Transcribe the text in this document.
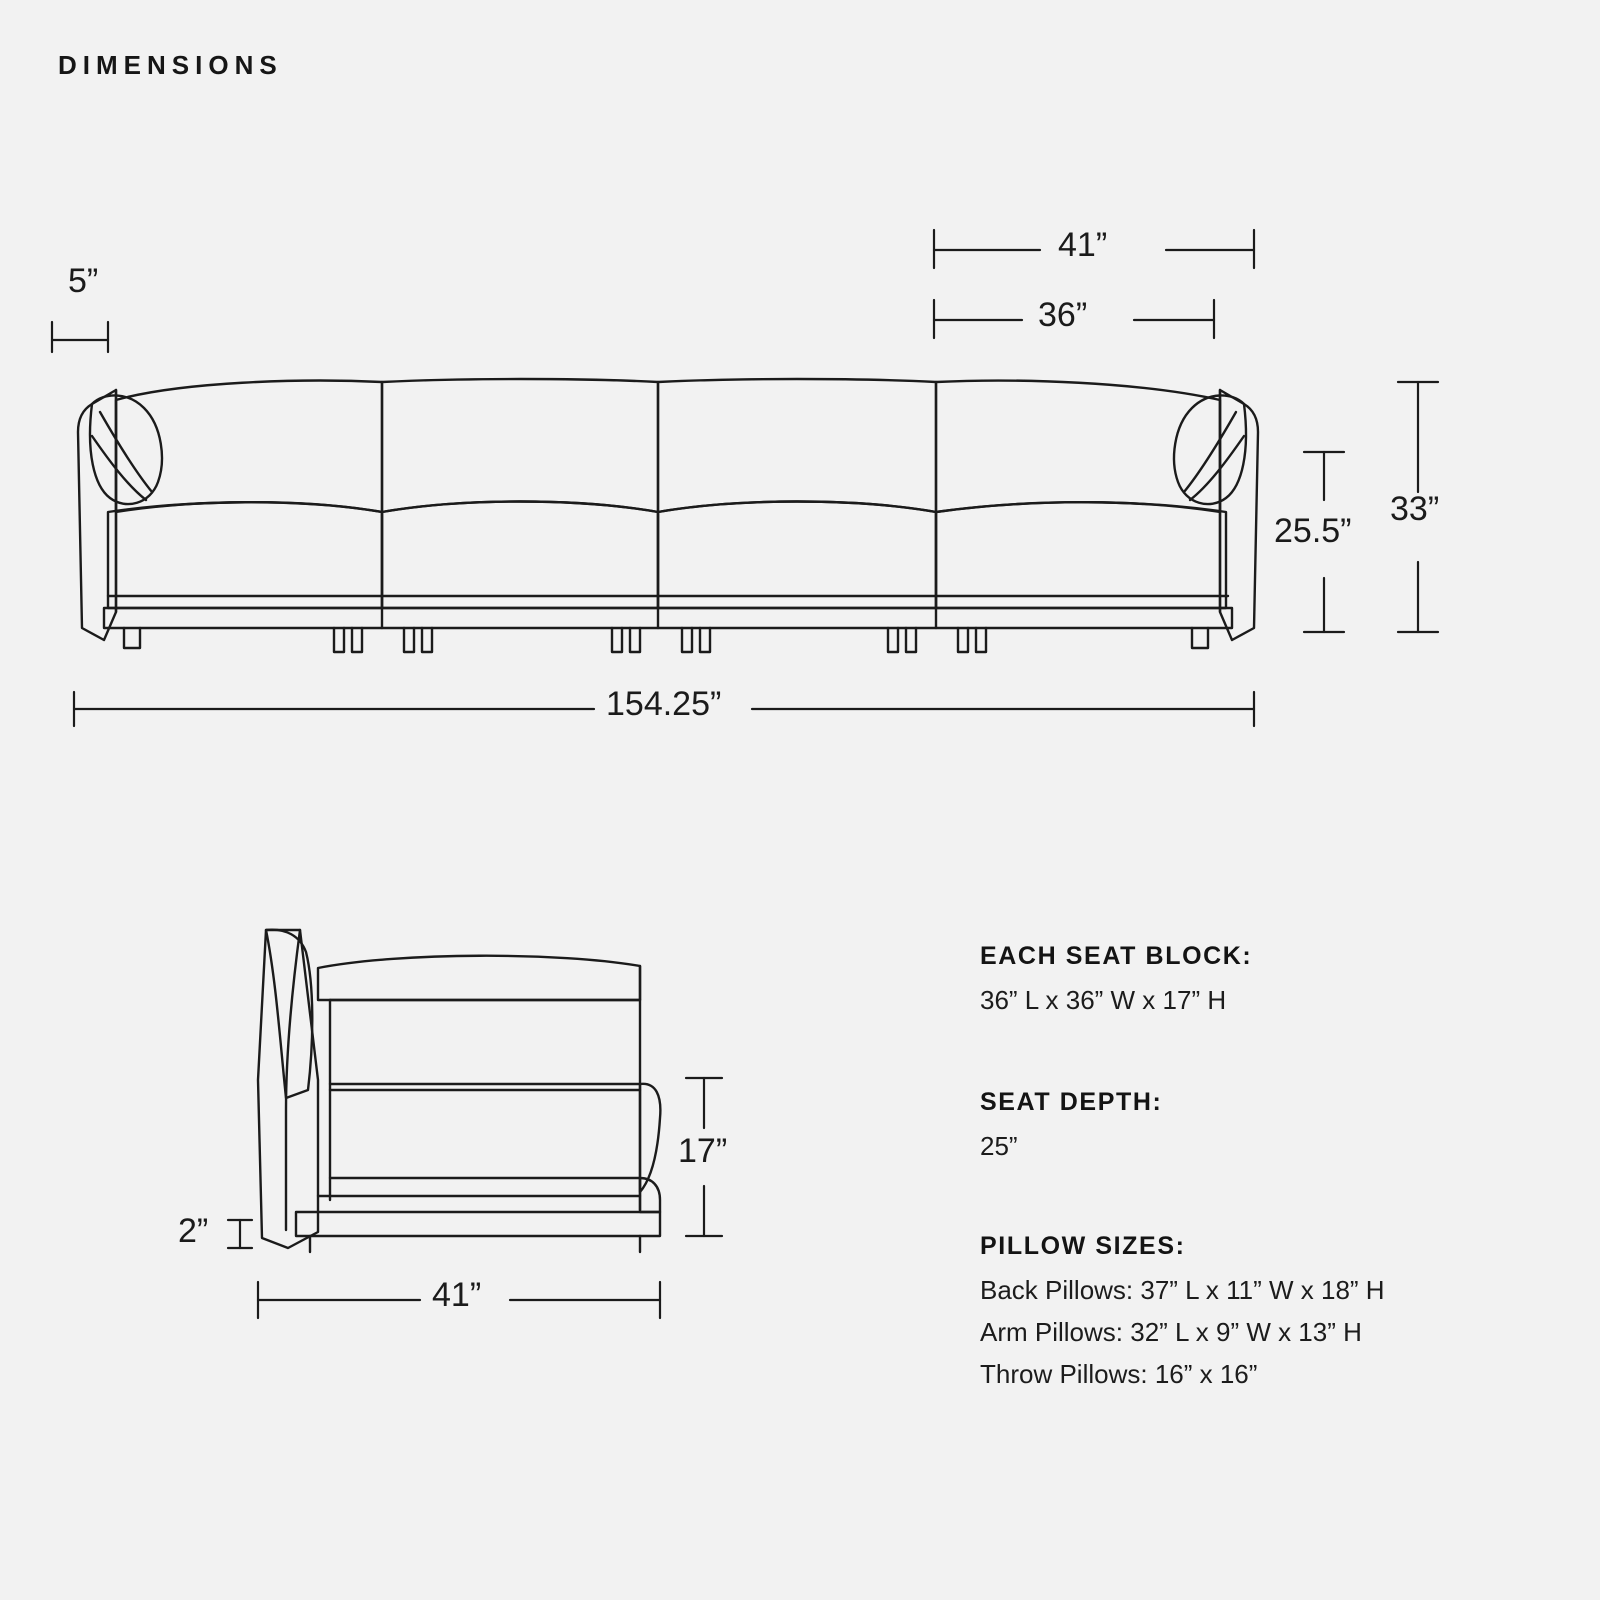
DIMENSIONS
5”
41”
36”
25.5”
33”
154.25”
2”
17”
41”
EACH SEAT BLOCK:
36” L x 36” W x 17” H
SEAT DEPTH:
25”
PILLOW SIZES:
Back Pillows: 37” L x 11” W x 18” H
Arm Pillows: 32” L x 9” W x 13” H
Throw Pillows: 16” x 16”
